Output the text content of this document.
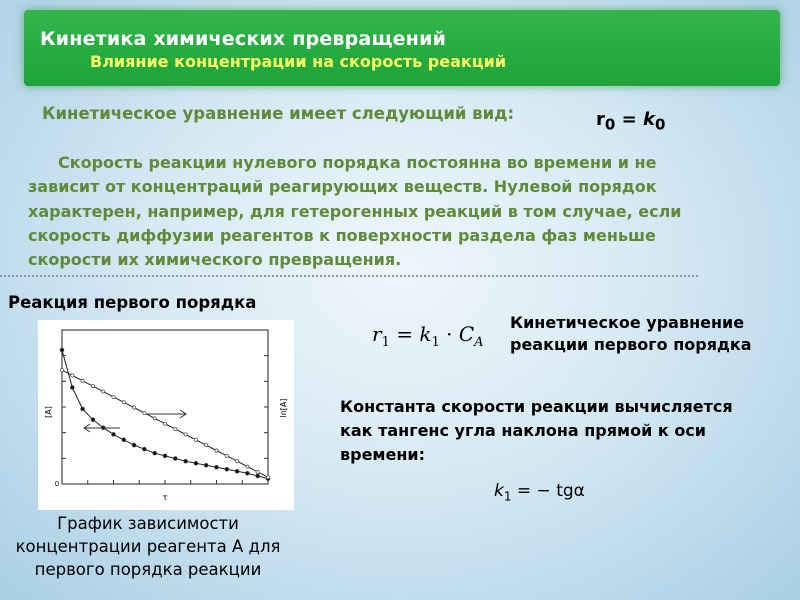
Кинетика химических превращений
Влияние концентрации на скорость реакций
Кинетическое уравнение имеет следующий вид:	$r_0 = k_0$
Скорость реакции нулевого порядка постоянна во времени и не зависит от концентраций реагирующих веществ. Нулевой порядок характерен, например, для гетерогенных реакций в том случае, если скорость диффузии реагентов к поверхности раздела фаз меньше скорости их химического превращения.
Реакция первого порядка
[A]	ln[A]
τ
0
График зависимости
концентрации реагента А для
первого порядка реакции
$r_1 = k_1 \cdot C_A$
Кинетическое уравнение
реакции первого порядка
Константа скорости реакции вычисляется как тангенс угла наклона прямой к оси времени:
$k_1$ = − tgα
